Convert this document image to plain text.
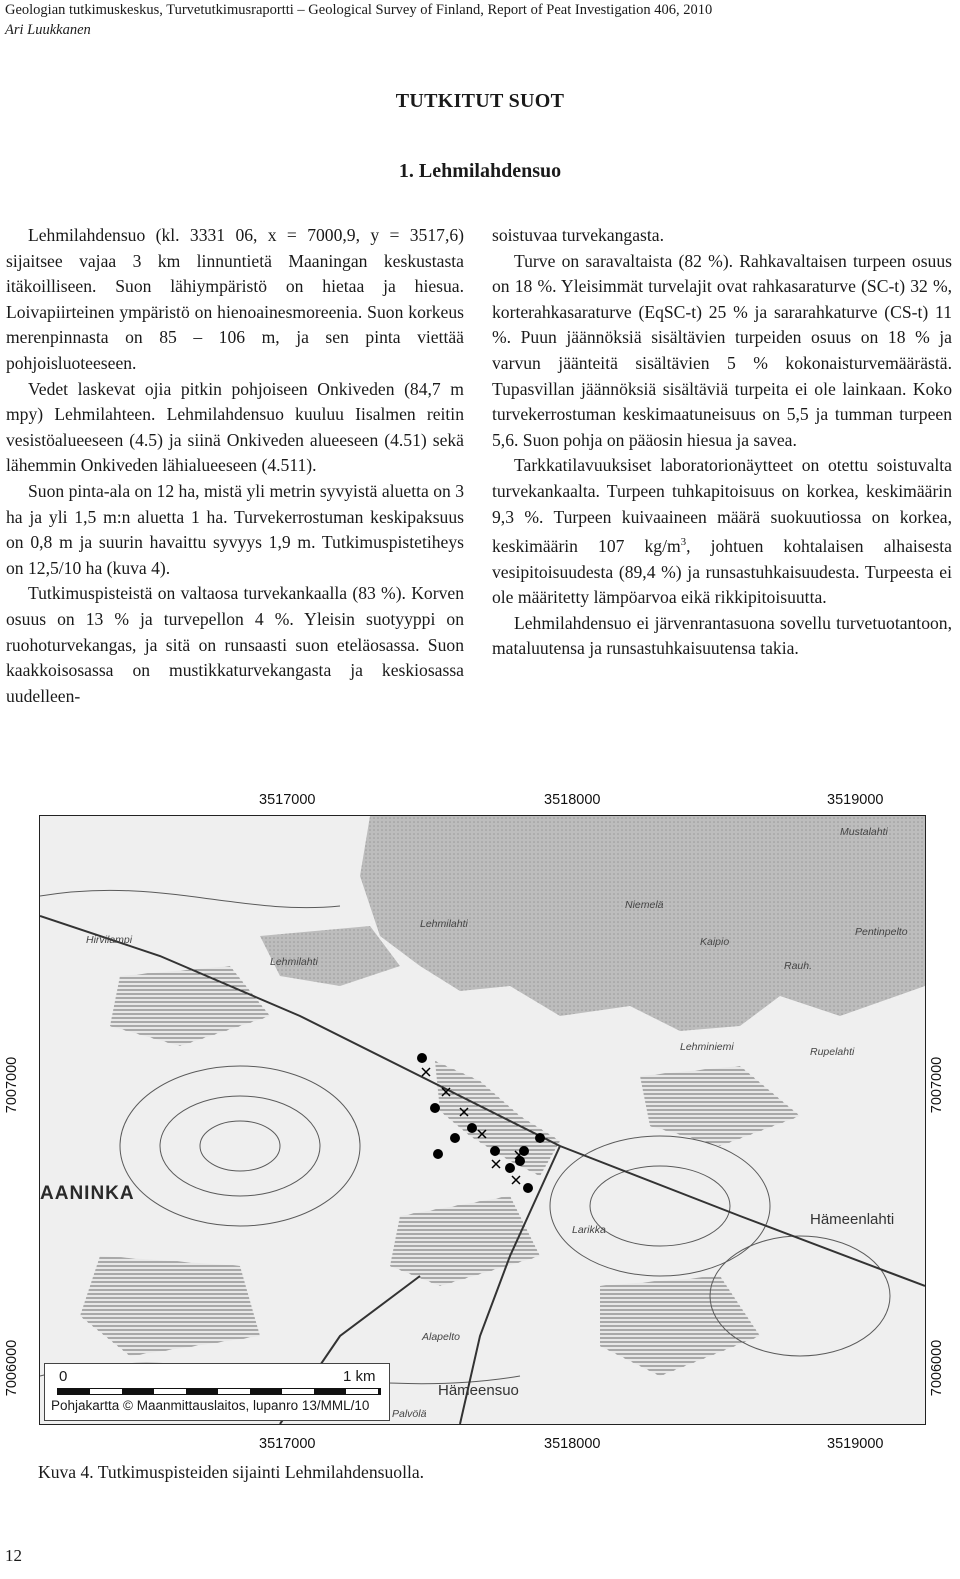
Geologian tutkimuskeskus, Turvetutkimusraportti – Geological Survey of Finland, Report of Peat Investigation 406, 2010
Ari Luukkanen
TUTKITUT SUOT
1. Lehmilahdensuo

Lehmilahdensuo (kl. 3331 06, x = 7000,9, y = 3517,6) sijaitsee vajaa 3 km linnuntietä Maaningan keskustasta itäkoilliseen. Suon lähiympäristö on hietaa ja hiesua. Loivapiirteinen ympäristö on hienoainesmoreenia. Suon korkeus merenpinnasta on 85 – 106 m, ja sen pinta viettää pohjoisluoteeseen.

Vedet laskevat ojia pitkin pohjoiseen Onkiveden (84,7 m mpy) Lehmilahteen. Lehmilahdensuo kuuluu Iisalmen reitin vesistöalueeseen (4.5) ja siinä Onkiveden alueeseen (4.51) sekä lähemmin Onkiveden lähialueeseen (4.511).

Suon pinta-ala on 12 ha, mistä yli metrin syvyistä aluetta on 3 ha ja yli 1,5 m:n aluetta 1 ha. Turvekerrostuman keskipaksuus on 0,8 m ja suurin havaittu syvyys 1,9 m. Tutkimuspistetiheys on 12,5/10 ha (kuva 4).

Tutkimuspisteistä on valtaosa turvekankaalla (83 %). Korven osuus on 13 % ja turvepellon 4 %. Yleisin suotyyppi on ruohoturvekangas, ja sitä on runsaasti suon eteläosassa. Suon kaakkoisosassa on mustikkaturvekangasta ja keskiosassa uudelleen-

soistuvaa turvekangasta.

Turve on saravaltaista (82 %). Rahkavaltaisen turpeen osuus on 18 %. Yleisimmät turvelajit ovat rahkasaraturve (SC-t) 32 %, korterahkasaraturve (EqSC-t) 25 % ja sararahkaturve (CS-t) 11 %. Puun jäännöksiä sisältävien turpeiden osuus on 18 % ja varvun jäänteitä sisältävien 5 % kokonaisturvemäärästä. Tupasvillan jäännöksiä sisältäviä turpeita ei ole lainkaan. Koko turvekerrostuman keskimaatuneisuus on 5,5 ja tumman turpeen 5,6. Suon pohja on pääosin hiesua ja savea.

Tarkkatilavuuksiset laboratorionäytteet on otettu soistuvalta turvekankaalta. Turpeen tuhkapitoisuus on korkea, keskimäärin 9,3 %. Turpeen kuivaaineen määrä suokuutiossa on korkea, keskimäärin 107 $kg/m^3$, johtuen kohtalaisen alhaisesta vesipitoisuudesta (89,4 %) ja runsastuhkaisuudesta. Turpeesta ei ole määritetty lämpöarvoa eikä rikkipitoisuutta.

Lehmilahdensuo ei järvenrantasuona sovellu turvetuotantoon, mataluutensa ja runsastuhkaisuutensa takia.

3517000	3518000	3519000
3517000	3518000	3519000
7007000
7006000
7007000
7006000
Hirvilampi
Lehmilahti
Lehmilahti
Niemelä
Kaipio
Pentinpelto
Rauh.
Lehminiemi	Rupelahti
Mustalahti
AANINKA
Hämeenlahti
Larikka
Alapelto
Hämeensuo
Palvölä
0	1 km
Pohjakartta © Maanmittauslaitos, lupanro 13/MML/10
Kuva 4. Tutkimuspisteiden sijainti Lehmilahdensuolla.
12
